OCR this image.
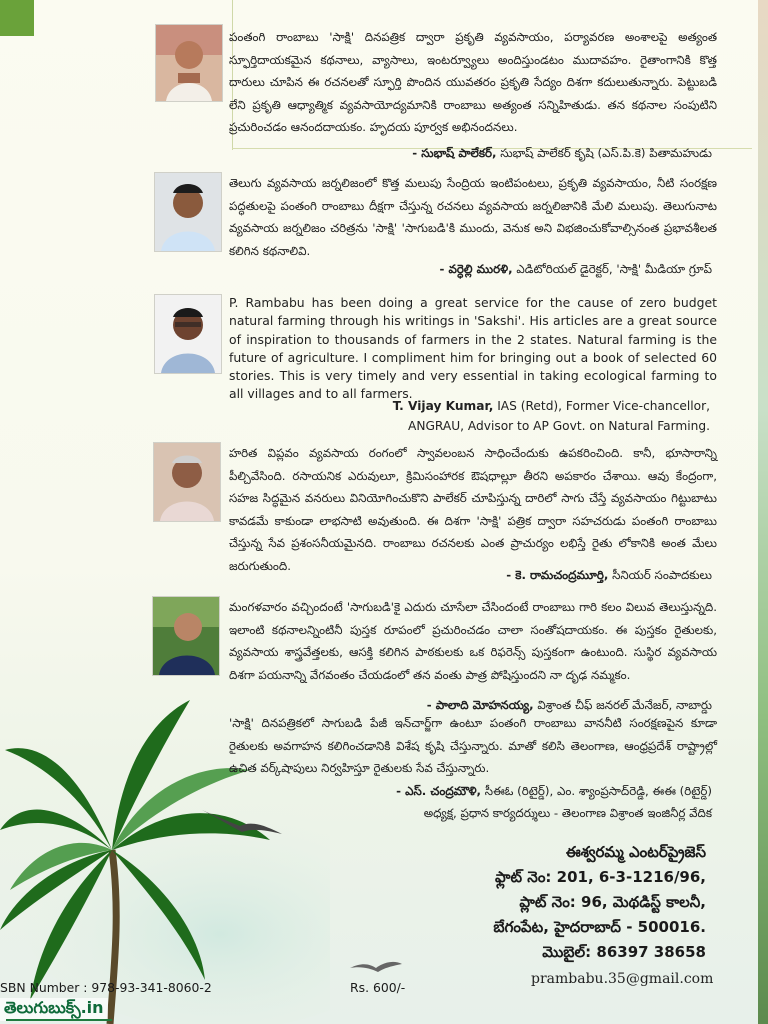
పంతంగి రాంబాబు 'సాక్షి' దినపత్రిక ద్వారా ప్రకృతి వ్యవసాయం, పర్యావరణ అంశాలపై అత్యంత స్ఫూర్తిదాయకమైన కథనాలు, వ్యాసాలు, ఇంటర్వ్యూలు అందిస్తుండటం ముదావహం. రైతాంగానికి కొత్త దారులు చూపిన ఈ రచనలతో స్ఫూర్తి పొందిన యువతరం ప్రకృతి సేద్యం దిశగా కదులుతున్నారు. పెట్టుబడి లేని ప్రకృతి ఆధ్యాత్మిక వ్యవసాయోద్యమానికి రాంబాబు అత్యంత సన్నిహితుడు. తన కథనాల సంపుటిని ప్రచురించడం ఆనందదాయకం. హృదయ పూర్వక అభినందనలు.

- సుభాష్ పాలేకర్, సుభాష్ పాలేకర్ కృషి (ఎస్.పి.కె) పితామహుడు

తెలుగు వ్యవసాయ జర్నలిజంలో కొత్త మలుపు సేంద్రియ ఇంటిపంటలు, ప్రకృతి వ్యవసాయం, నీటి సంరక్షణ పద్ధతులపై పంతంగి రాంబాబు దీక్షగా చేస్తున్న రచనలు వ్యవసాయ జర్నలిజానికి మేలి మలుపు. తెలుగునాట వ్యవసాయ జర్నలిజం చరిత్రను 'సాక్షి' 'సాగుబడి'కి ముందు, వెనుక అని విభజించుకోవాల్సినంత ప్రభావశీలత కలిగిన కథనాలివి.

- వర్ధెల్లి మురళి, ఎడిటోరియల్ డైరెక్టర్, 'సాక్షి' మీడియా గ్రూప్

P. Rambabu has been doing a great service for the cause of zero budget natural farming through his writings in 'Sakshi'. His articles are a great source of inspiration to thousands of farmers in the 2 states. Natural farming is the future of agriculture. I compliment him for bringing out a book of selected 60 stories. This is very timely and very essential in taking ecological farming to all villages and to all farmers.

T. Vijay Kumar, IAS (Retd), Former Vice-chancellor, ANGRAU, Advisor to AP Govt. on Natural Farming.

హరిత విప్లవం వ్యవసాయ రంగంలో స్వావలంబన సాధించేందుకు ఉపకరించింది. కానీ, భూసారాన్ని పీల్చివేసింది. రసాయనిక ఎరువులూ, క్రిమిసంహారక ఔషధాల్లూ తీరని అపకారం చేశాయి. ఆవు కేంద్రంగా, సహజ సిద్ధమైన వనరులు వినియోగించుకొని పాలేకర్ చూపిస్తున్న దారిలో సాగు చేస్తే వ్యవసాయం గిట్టుబాటు కావడమే కాకుండా లాభసాటి అవుతుంది. ఈ దిశగా 'సాక్షి' పత్రిక ద్వారా సహచరుడు పంతంగి రాంబాబు చేస్తున్న సేవ ప్రశంసనీయమైనది. రాంబాబు రచనలకు ఎంత ప్రాచుర్యం లభిస్తే రైతు లోకానికి అంత మేలు జరుగుతుంది.

- కె. రామచంద్రమూర్తి, సీనియర్ సంపాదకులు

మంగళవారం వచ్చిందంటే 'సాగుబడి'కై ఎదురు చూసేలా చేసిందంటే రాంబాబు గారి కలం విలువ తెలుస్తున్నది. ఇలాంటి కథనాలన్నింటినీ పుస్తక రూపంలో ప్రచురించడం చాలా సంతోషదాయకం. ఈ పుస్తకం రైతులకు, వ్యవసాయ శాస్త్రవేత్తలకు, ఆసక్తి కలిగిన పాఠకులకు ఒక రిఫరెన్స్ పుస్తకంగా ఉంటుంది. సుస్థిర వ్యవసాయ దిశగా పయనాన్ని వేగవంతం చేయడంలో తన వంతు పాత్ర పోషిస్తుందని నా దృఢ నమ్మకం.

- పాలాది మోహనయ్య, విశ్రాంత చీఫ్ జనరల్ మేనేజర్, నాబార్డు

'సాక్షి' దినపత్రికలో సాగుబడి పేజీ ఇన్‌చార్జ్‌గా ఉంటూ పంతంగి రాంబాబు వాననీటి సంరక్షణపైన కూడా రైతులకు అవగాహన కలిగించడానికి విశేష కృషి చేస్తున్నారు. మాతో కలిసి తెలంగాణ, ఆంధ్రప్రదేశ్ రాష్ట్రాల్లో ఉచిత వర్క్‌షాపులు నిర్వహిస్తూ రైతులకు సేవ చేస్తున్నారు.

- ఎస్. చంద్రమౌళి, సీఈఓ (రిటైర్డ్), ఎం. శ్యాంప్రసాద్‌రెడ్డి, ఈఈ (రిటైర్డ్)
అధ్యక్ష, ప్రధాన కార్యదర్శులు - తెలంగాణ విశ్రాంత ఇంజినీర్ల వేదిక
ఈశ్వరమ్మ ఎంటర్‌ప్రైజెస్
ఫ్లాట్ నెం: 201, 6-3-1216/96,
ప్లాట్ నెం: 96, మెథడిస్ట్ కాలనీ,
బేగంపేట, హైదరాబాద్ - 500016.
మొబైల్: 86397 38658
prambabu.35@gmail.com
SBN Number : 978-93-341-8060-2	Rs. 600/-
తెలుగుబుక్స్.in
